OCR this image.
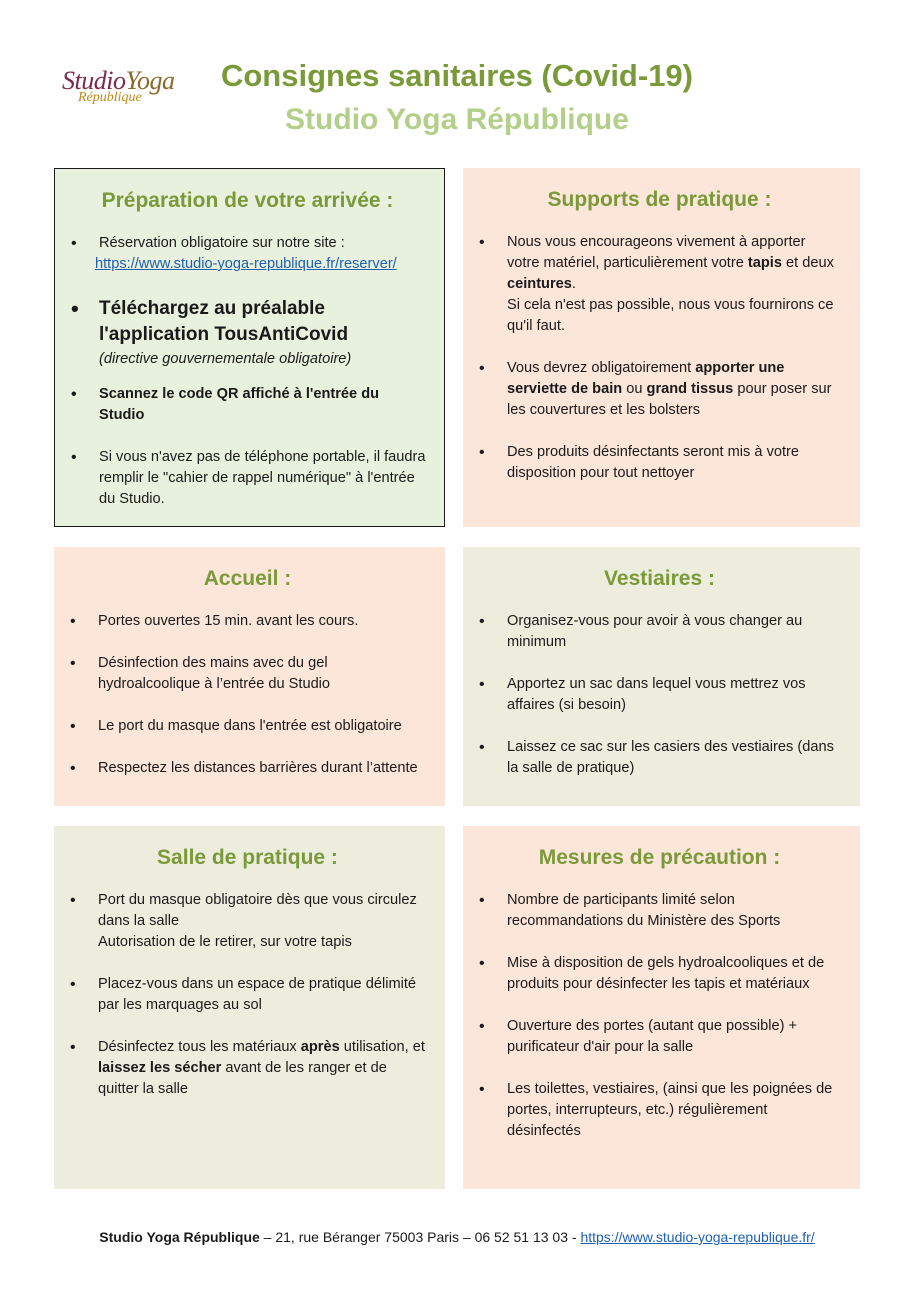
StudioYoga
République
Consignes sanitaires (Covid-19)
Studio Yoga République
Préparation de votre arrivée :
• Réservation obligatoire sur notre site :
https://www.studio-yoga-republique.fr/reserver/
• Téléchargez au préalable l'application TousAntiCovid
(directive gouvernementale obligatoire)
• Scannez le code QR affiché à l'entrée du Studio
• Si vous n'avez pas de téléphone portable, il faudra remplir le "cahier de rappel numérique" à l'entrée du Studio.
Supports de pratique :
• Nous vous encourageons vivement à apporter votre matériel, particulièrement votre tapis et deux ceintures.
Si cela n'est pas possible, nous vous fournirons ce qu'il faut.
• Vous devrez obligatoirement apporter une serviette de bain ou grand tissus pour poser sur les couvertures et les bolsters
• Des produits désinfectants seront mis à votre disposition pour tout nettoyer
Accueil :
• Portes ouvertes 15 min. avant les cours.
• Désinfection des mains avec du gel hydroalcoolique à l’entrée du Studio
• Le port du masque dans l'entrée est obligatoire
• Respectez les distances barrières durant l’attente
Vestiaires :
• Organisez-vous pour avoir à vous changer au minimum
• Apportez un sac dans lequel vous mettrez vos affaires (si besoin)
• Laissez ce sac sur les casiers des vestiaires (dans la salle de pratique)
Salle de pratique :
• Port du masque obligatoire dès que vous circulez dans la salle
Autorisation de le retirer, sur votre tapis
• Placez-vous dans un espace de pratique délimité par les marquages au sol
• Désinfectez tous les matériaux après utilisation, et laissez les sécher avant de les ranger et de quitter la salle
Mesures de précaution :
• Nombre de participants limité selon recommandations du Ministère des Sports
• Mise à disposition de gels hydroalcooliques et de produits pour désinfecter les tapis et matériaux
• Ouverture des portes (autant que possible) + purificateur d'air pour la salle
• Les toilettes, vestiaires, (ainsi que les poignées de portes, interrupteurs, etc.) régulièrement désinfectés
Studio Yoga République – 21, rue Béranger 75003 Paris – 06 52 51 13 03 - https://www.studio-yoga-republique.fr/
